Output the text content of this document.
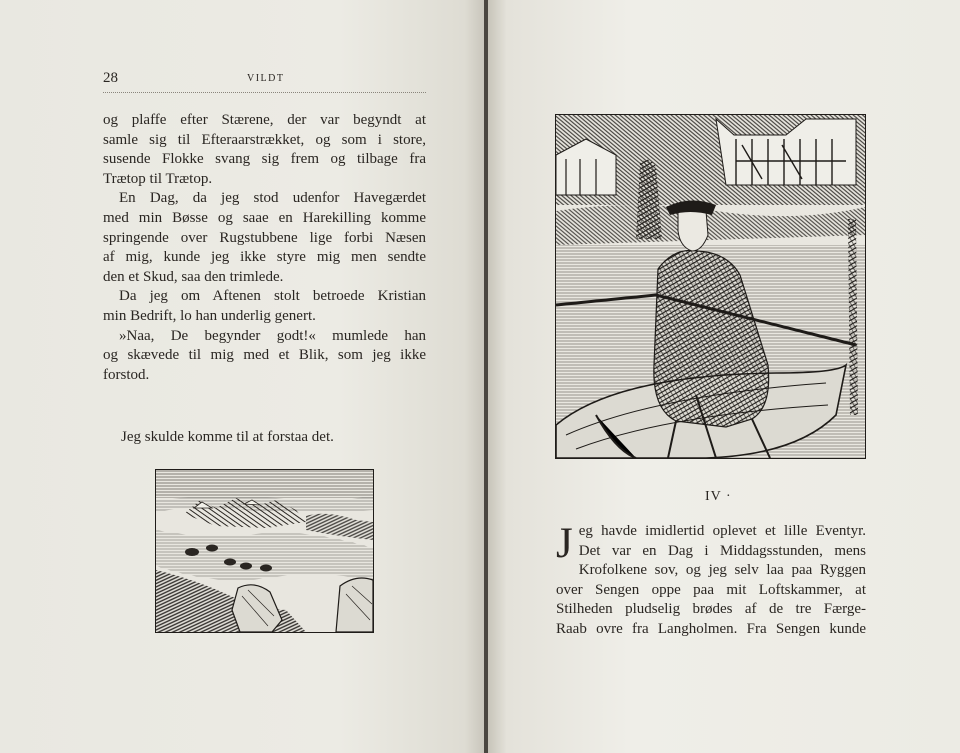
28	VILDT

og plaffe efter Stærene, der var begyndt at

samle sig til Efteraarstrækket, og som i store,

susende Flokke svang sig frem og tilbage fra

Trætop til Trætop.

En Dag, da jeg stod udenfor Havegærdet

med min Bøsse og saae en Harekilling komme

springende over Rugstubbene lige forbi Næsen

af mig, kunde jeg ikke styre mig men sendte

den et Skud, saa den trimlede.

Da jeg om Aftenen stolt betroede Kristian

min Bedrift, lo han underlig genert.

»Naa, De begynder godt!« mumlede han

og skævede til mig med et Blik, som jeg ikke

forstod.

Jeg skulde komme til at forstaa det.

IV ·
J eg havde imidlertid oplevet et lille Eventyr.

Det var en Dag i Middagsstunden, mens

Krofolkene sov, og jeg selv laa paa Ryggen

over Sengen oppe paa mit Loftskammer, at

Stilheden pludselig brødes af de tre Færge-

Raab ovre fra Langholmen. Fra Sengen kunde
